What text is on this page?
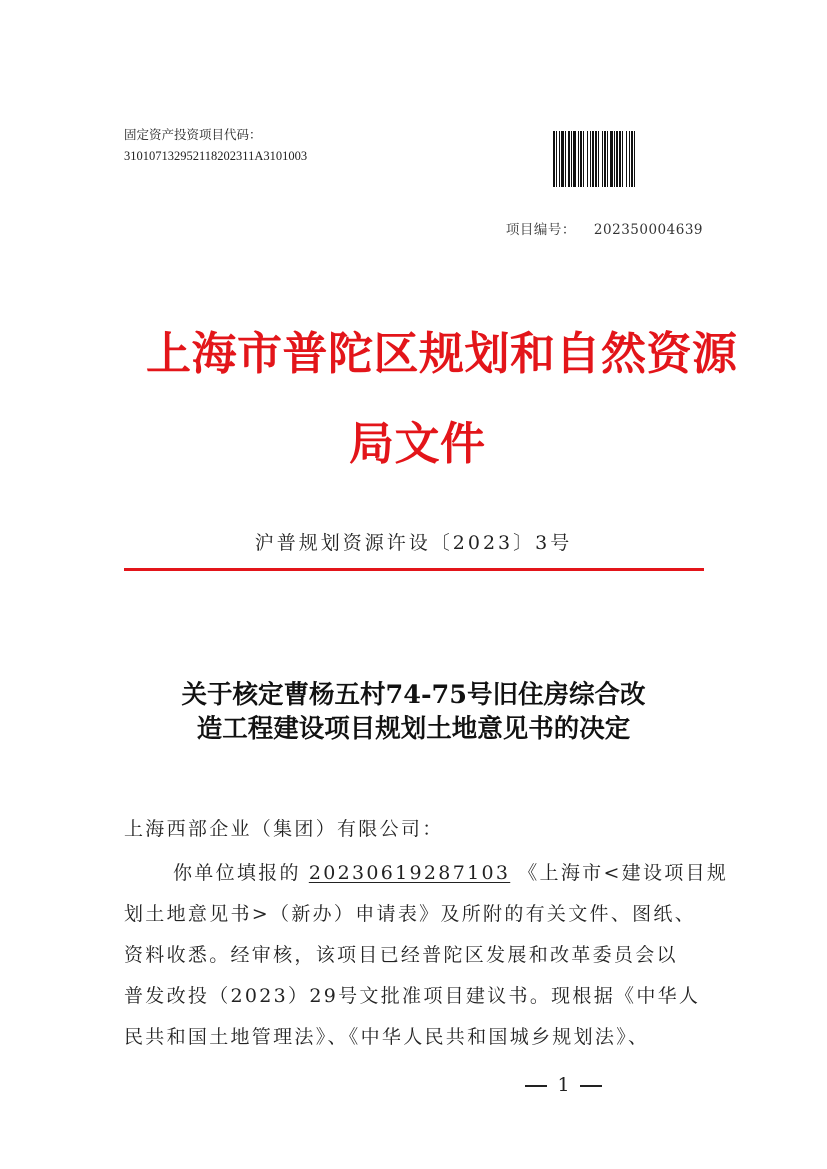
固定资产投资项目代码：
310107132952118202311A3101003
项目编号： 202350004639
上海市普陀区规划和自然资源
局文件
沪普规划资源许设〔2023〕3号
关于核定曹杨五村74-75号旧住房综合改
造工程建设项目规划土地意见书的决定
上海西部企业（集团）有限公司：
你单位填报的 20230619287103 《上海市<建设项目规
划土地意见书>（新办）申请表》及所附的有关文件、图纸、
资料收悉。经审核，该项目已经普陀区发展和改革委员会以
普发改投（2023）29号文批准项目建议书。现根据《中华人
民共和国土地管理法》、《中华人民共和国城乡规划法》、
1
